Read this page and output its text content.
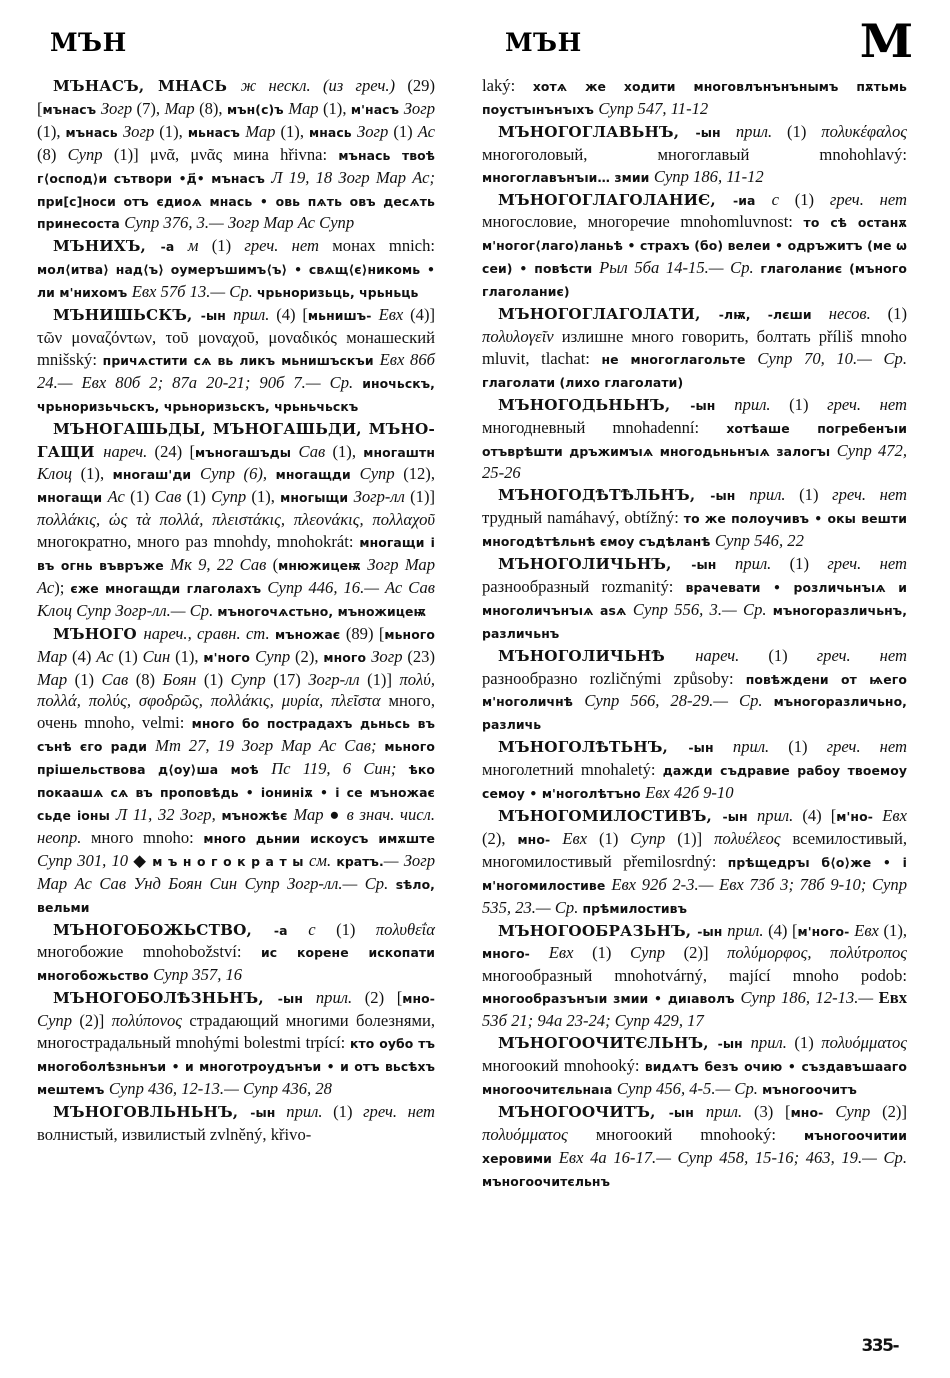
МЪН	МЪН	М

МЪНАСЪ, МНАСЬ ж нескл. (из греч.) (29) [мънасъ Зогр (7), Мар (8), мън(с)ъ Мар (1), м'насъ Зогр (1), мънась Зогр (1), мьнасъ Мар (1), мнась Зогр (1) Ас (8) Супр (1)] μνᾶ, μνᾶς мина hřivna: мънась твоѣ г⟨оспод⟩и сътвори •д҃• мънасъ Л 19, 18 Зогр Мар Ас; при[с]носи отъ єдиоѧ мнась • овь пѧть овъ десѧть принесоста Супр 376, 3.— Зогр Мар Ас Супр

МЪНИХЪ, -а м (1) греч. нет монах mnich: мол⟨итва⟩ над⟨ъ⟩ оумеръшимъ⟨ъ⟩ • свѧщ⟨є⟩никомь • ли м'нихомъ Евх 57б 13.— Ср. чрьноризьць, чрьньць

МЪНИШЬСКЪ, -ын прил. (4) [мьнишъ- Евх (4)] τῶν μοναζόντων, τοῦ μοναχοῦ, μοναδικός монашеский mnišský: причѧстити сѧ вь ликъ мьнишъскъи Евх 86б 24.— Евх 80б 2; 87а 20-21; 90б 7.— Ср. иночьскъ, чрьноризьчьскъ, чрьноризьскъ, чрьньчьскъ

МЪНОГАШЬДЫ, МЪНОГАШЬДИ, МЪНО- ГАЩИ нареч. (24) [мъногашъды Сав (1), многаштн Клоц (1), многаш'ди Супр (6), многащди Супр (12), многащи Ас (1) Сав (1) Супр (1), многыщи Зогр-лл (1)] πολλάκις, ὡς τὰ πολλά, πλειστάκις, πλεονάκις, πολλαχοῦ многократно, много раз mnohdy, mnohokrát: многащи і въ огнь въвръже Мк 9, 22 Сав (мнюжицеѭ Зогр Мар Ас); єже многащди глаголахъ Супр 446, 16.— Ас Сав Клоц Супр Зогр-лл.— Ср. мъногочѧстьно, мъножицеѭ

МЪНОГО нареч., сравн. ст. мъножає (89) [мьного Мар (4) Ас (1) Син (1), м'ного Супр (2), много Зогр (23) Мар (1) Сав (8) Боян (1) Супр (17) Зогр-лл (1)] πολύ, πολλά, πολύς, σφοδρῶς, πολλάκις, μυρία, πλεῖστα много, очень mnoho, velmi: много бо пострадахъ дьньсь въ сънѣ єго ради Мт 27, 19 Зогр Мар Ас Сав; мьного прішельствова д⟨оу⟩ша моѣ Пс 119, 6 Син; ѣко покаашѧ сѧ въ проповѣдь • іониніѫ • і се мъножає сьде іоны Л 11, 32 Зогр, мъножѣє Мар ● в знач. числ. неопр. много mnoho: много дьнии искоусъ имѫште Супр 301, 10 ◆ м ъ н о г о к р а т ы см. кратъ.— Зогр Мар Ас Сав Унд Боян Син Супр Зогр-лл.— Ср. ѕѣло, вельми

МЪНОГОБОЖЬСТВО, -а с (1) πολυθεΐα многобожие mnohobožství: ис корене ископати многобожьство Супр 357, 16

МЪНОГОБОЛѢЗНЬНЪ, -ын прил. (2) [мно- Супр (2)] πολύπονος страдающий многими болезнями, многострадальный mnohými bolestmi trpící: кто оубо тъ многоболѣзньнъи • и многотроудънъи • и отъ вьсѣхъ мештемъ Супр 436, 12-13.— Супр 436, 28

МЪНОГОВЛЬНЬНЪ, -ын прил. (1) греч. нет волнистый, извилистый zvlněný, křivo-

laký: хотѧ же ходити многовлънънънымъ пѫтьмь поустъıнънъıхъ Супр 547, 11-12

МЪНОГОГЛАВЬНЪ, -ын прил. (1) πολυκέφαλος многоголовый, многоглавый mnohohlavý: многоглавънъıи… змии Супр 186, 11-12

МЪНОГОГЛАГОЛАНИЄ, -иа с (1) греч. нет многословие, многоречие mnohomluvnost: то сѣ останѫ м'ногог⟨лаго⟩ланьѣ • страхъ (бо) велеи • одръжитъ (ме ѡ сеи) • повѣсти Рыл 5ба 14-15.— Ср. глаголаниє (мъного глаголаниє)

МЪНОГОГЛАГОЛАТИ, -лѭ, -лєши несов. (1) πολυλογεῖν излишне много говорить, болтать příliš mnoho mluvit, tlachat: не многоглагольте Супр 70, 10.— Ср. глаголати (лихо глаголати)

МЪНОГОДЬНЬНЪ, -ын прил. (1) греч. нет многодневный mnohadenní: хотѣаше погребенъıи отъврѣшти дръжимъıѧ многодьньнъıѧ залогъı Супр 472, 25-26

МЪНОГОДѢТѢЛЬНЪ, -ын прил. (1) греч. нет трудный namáhavý, obtížný: то же полоучивъ • окы вешти многодѣтѣльнѣ ємоу съдѣланѣ Супр 546, 22

МЪНОГОЛИЧЬНЪ, -ын прил. (1) греч. нет разнообразный rozmanitý: врачевати • розличьнъıѧ и многоличънъıѧ аѕѧ Супр 556, 3.— Ср. мъногоразличьнъ, различьнъ

МЪНОГОЛИЧЬНѢ нареч. (1) греч. нет разнообразно rozličnými způsoby: повѣждени от ѩего м'ноголичнѣ Супр 566, 28-29.— Ср. мъногоразличьно, различь

МЪНОГОЛѢТЬНЪ, -ын прил. (1) греч. нет многолетний mnohaletý: дажди съдравие рабоу твоемоу семоу • м'ноголѣтъно Евх 42б 9-10

МЪНОГОМИЛОСТИВЪ, -ын прил. (4) [м'но- Евх (2), мно- Евх (1) Супр (1)] πολυέλεος всемилостивый, многомилостивый přemilosrdný: прѣщедръı б⟨о⟩же • і м'ногомилостиве Евх 92б 2-3.— Евх 73б 3; 78б 9-10; Супр 535, 23.— Ср. прѣмилостивъ

МЪНОГООБРАЗЬНЪ, -ын прил. (4) [м'ного- Евх (1), много- Евх (1) Супр (2)] πολύμορφος, πολύτροπος многообразный mnohotvárný, mající mnoho podob: многообразънъıи змии • диıаволъ Супр 186, 12-13.— Евх 53б 21; 94а 23-24; Супр 429, 17

МЪНОГООЧИТЄЛЬНЪ, -ын прил. (1) πολυόμματος многоокий mnohooký: видѧтъ безъ очию • създавъшааго многоочитєльнаıа Супр 456, 4-5.— Ср. мъногоочитъ

МЪНОГООЧИТЪ, -ын прил. (3) [мно- Супр (2)] πολυόμματος многоокий mnohooký: мъногоочитии херовими Евх 4а 16-17.— Супр 458, 15-16; 463, 19.— Ср. мъногоочитєльнъ

335-
